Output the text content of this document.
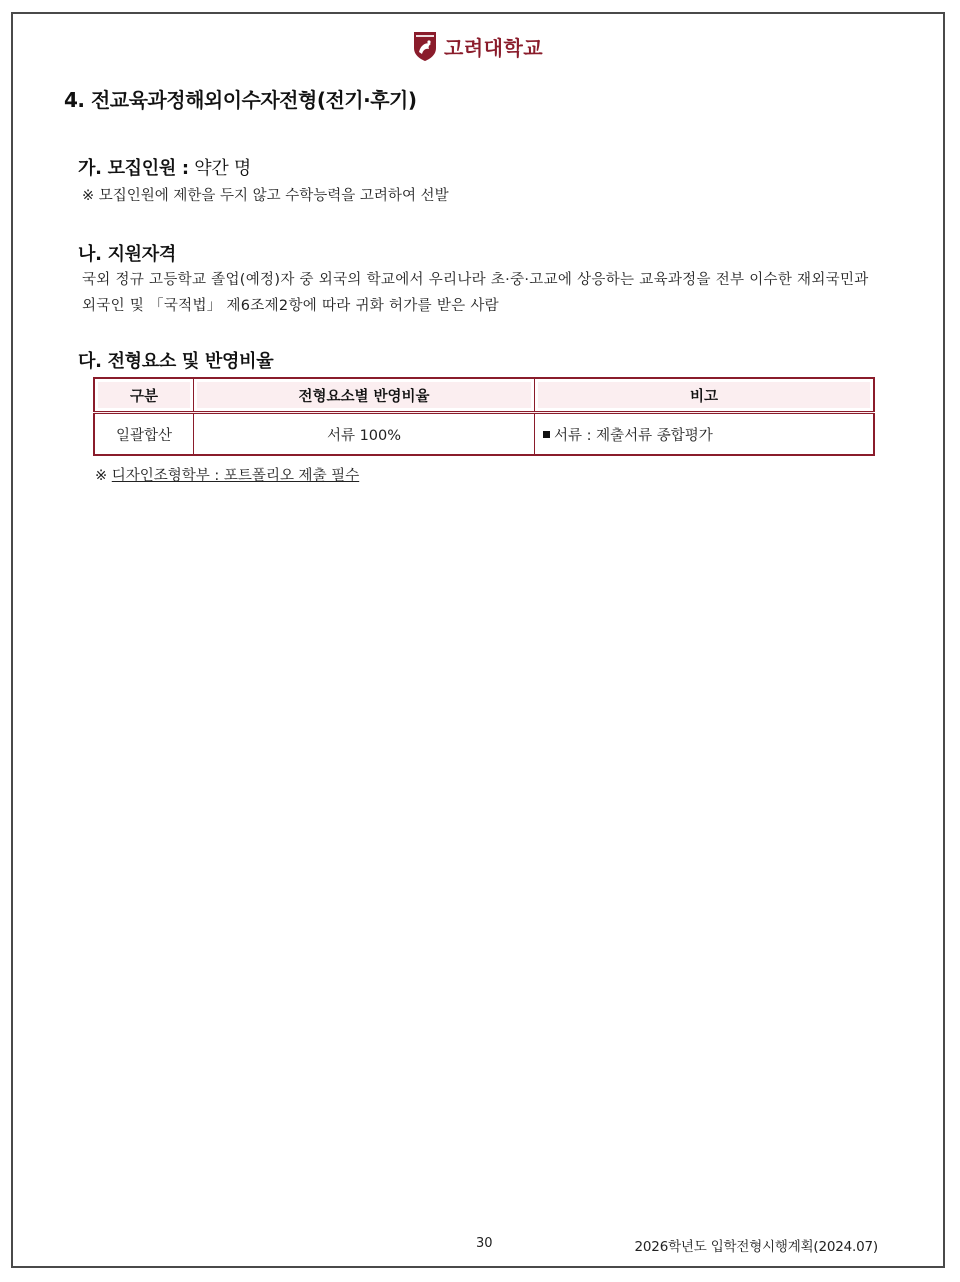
고려대학교
4. 전교육과정해외이수자전형(전기·후기)
가. 모집인원 : 약간 명
※ 모집인원에 제한을 두지 않고 수학능력을 고려하여 선발
나. 지원자격
국외 정규 고등학교 졸업(예정)자 중 외국의 학교에서 우리나라 초·중·고교에 상응하는 교육과정을 전부 이수한 재외국민과
외국인 및 「국적법」 제6조제2항에 따라 귀화 허가를 받은 사람
다. 전형요소 및 반영비율
구분	전형요소별 반영비율	비고
일괄합산	서류 100%	서류 : 제출서류 종합평가
※ 디자인조형학부 : 포트폴리오 제출 필수
30	2026학년도 입학전형시행계획(2024.07)
